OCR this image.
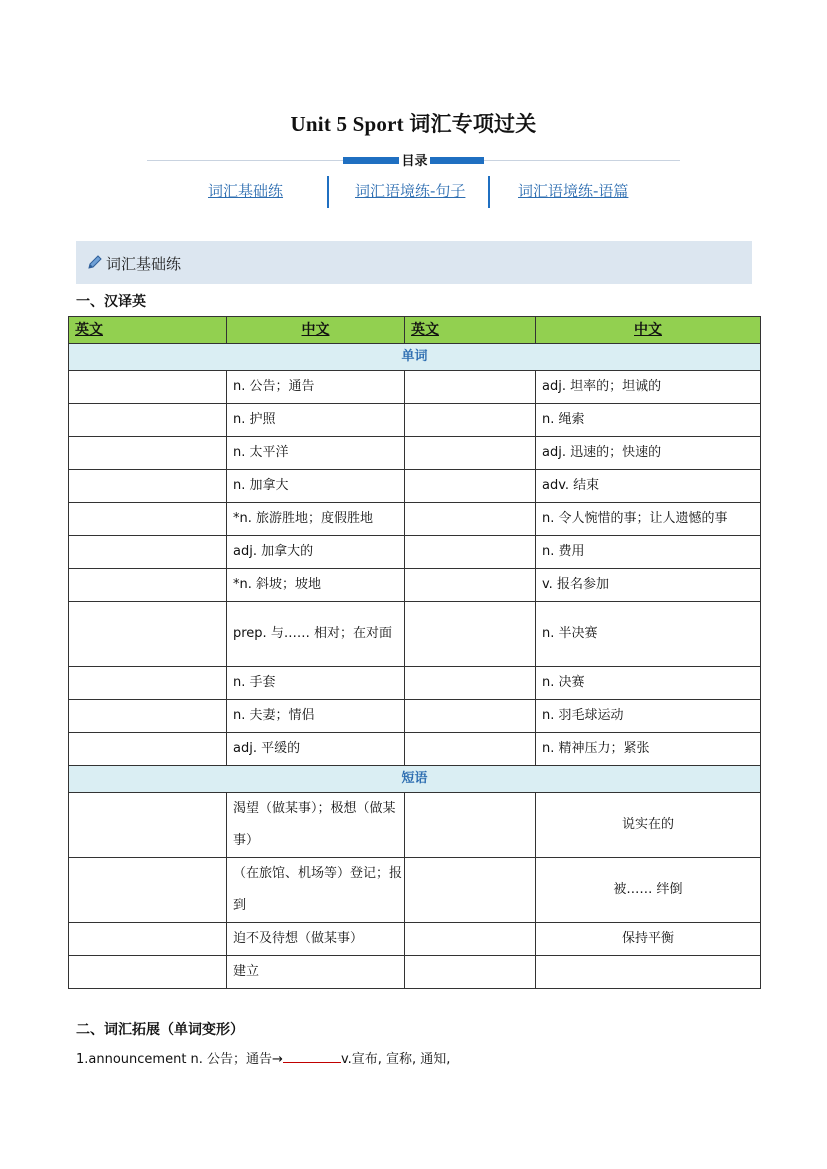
Unit 5 Sport 词汇专项过关
目录
词汇基础练	词汇语境练-句子	词汇语境练-语篇
词汇基础练
一、汉译英
英文	中文	英文	中文
单词			
	n. 公告；通告		adj. 坦率的；坦诚的
	n. 护照		n. 绳索
	n. 太平洋		adj. 迅速的；快速的
	n. 加拿大		adv. 结束
	*n. 旅游胜地；度假胜地		n. 令人惋惜的事；让人遗憾的事
	adj. 加拿大的		n. 费用
	*n. 斜坡；坡地		v. 报名参加
	prep. 与…… 相对；在对面		n. 半决赛
	n. 手套		n. 决赛
	n. 夫妻；情侣		n. 羽毛球运动
	adj. 平缓的		n. 精神压力；紧张
短语			
	渴望（做某事）；极想（做某事）		说实在的
	（在旅馆、机场等）登记；报到		被…… 绊倒
	迫不及待想（做某事）		保持平衡
	建立		
二、词汇拓展（单词变形）
1.announcement n. 公告；通告→	v.宣布, 宣称, 通知,
